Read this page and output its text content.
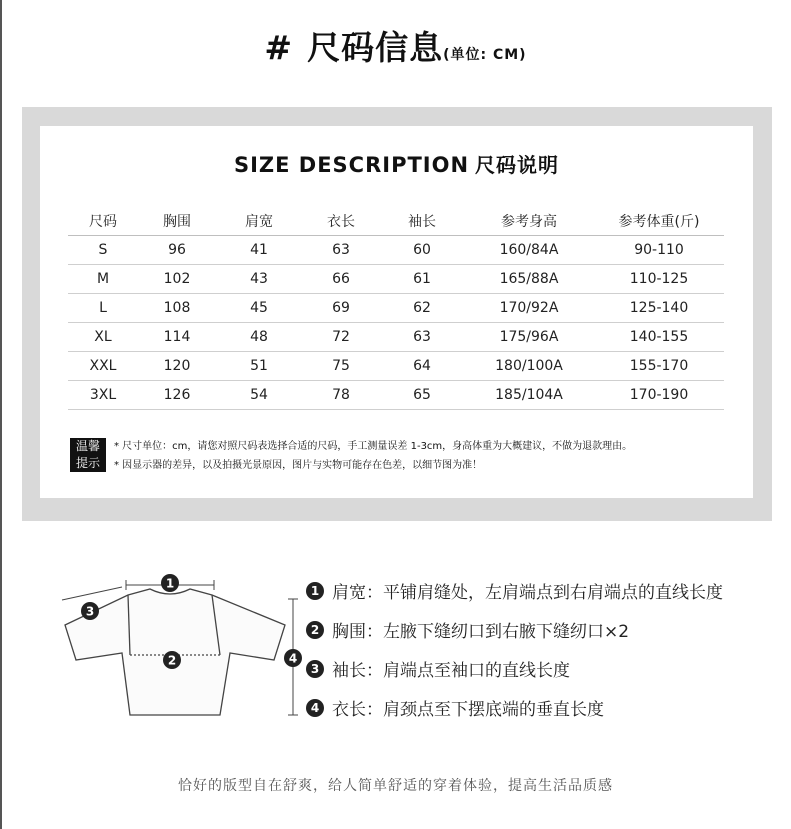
# 尺码信息(单位: CM)
SIZE DESCRIPTION 尺码说明
尺码	胸围	肩宽	衣长	袖长	参考身高	参考体重(斤)
S	96	41	63	60	160/84A	90-110
M	102	43	66	61	165/88A	110-125
L	108	45	69	62	170/92A	125-140
XL	114	48	72	63	175/96A	140-155
XXL	120	51	75	64	180/100A	155-170
3XL	126	54	78	65	185/104A	170-190
温馨
提示
* 尺寸单位：cm，请您对照尺码表选择合适的尺码，手工测量误差 1-3cm，身高体重为大概建议，不做为退款理由。
* 因显示器的差异，以及拍摄光景原因，图片与实物可能存在色差，以细节图为准！
1
2
3
4
1 肩宽：平铺肩缝处，左肩端点到右肩端点的直线长度
2 胸围：左腋下缝纫口到右腋下缝纫口×2
3 袖长：肩端点至袖口的直线长度
4 衣长：肩颈点至下摆底端的垂直长度
恰好的版型自在舒爽，给人简单舒适的穿着体验，提高生活品质感
